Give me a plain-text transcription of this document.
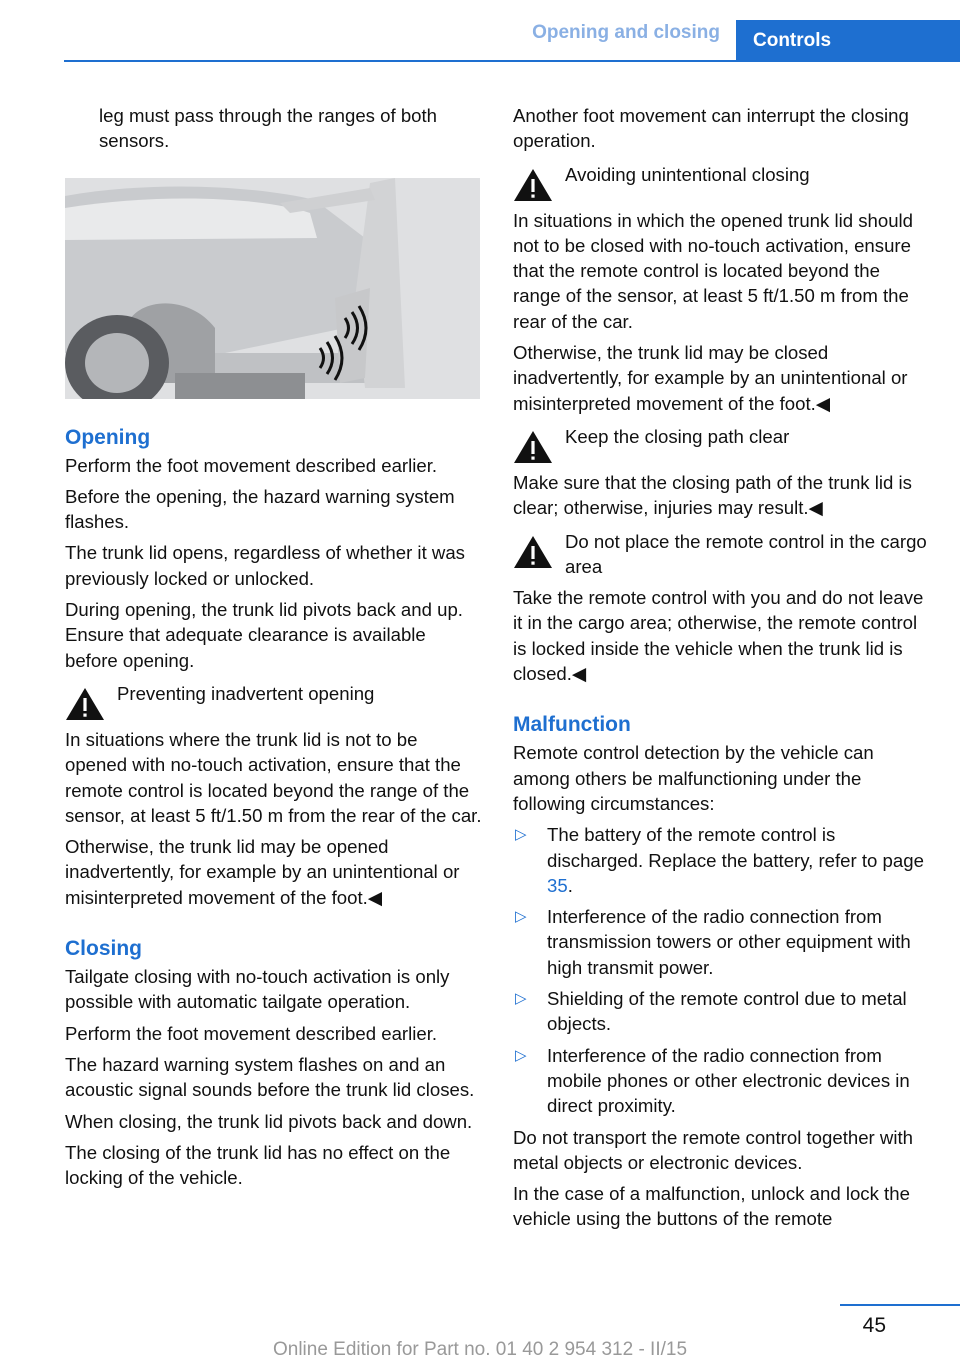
Opening and closing	Controls

leg must pass through the ranges of both sensors.

Opening

Perform the foot movement described earlier.

Before the opening, the hazard warning system flashes.

The trunk lid opens, regardless of whether it was previously locked or unlocked.

During opening, the trunk lid pivots back and up. Ensure that adequate clearance is available before opening.

Preventing inadvertent opening

In situations where the trunk lid is not to be opened with no-touch activation, ensure that the remote control is located beyond the range of the sensor, at least 5 ft/1.50 m from the rear of the car.

Otherwise, the trunk lid may be opened inadvertently, for example by an unintentional or misinterpreted movement of the foot.◀

Closing

Tailgate closing with no-touch activation is only possible with automatic tailgate operation.

Perform the foot movement described earlier.

The hazard warning system flashes on and an acoustic signal sounds before the trunk lid closes.

When closing, the trunk lid pivots back and down.

The closing of the trunk lid has no effect on the locking of the vehicle.

Another foot movement can interrupt the closing operation.

Avoiding unintentional closing

In situations in which the opened trunk lid should not to be closed with no-touch activation, ensure that the remote control is located beyond the range of the sensor, at least 5 ft/1.50 m from the rear of the car.

Otherwise, the trunk lid may be closed inadvertently, for example by an unintentional or misinterpreted movement of the foot.◀

Keep the closing path clear

Make sure that the closing path of the trunk lid is clear; otherwise, injuries may result.◀

Do not place the remote control in the cargo area

Take the remote control with you and do not leave it in the cargo area; otherwise, the remote control is locked inside the vehicle when the trunk lid is closed.◀

Malfunction

Remote control detection by the vehicle can among others be malfunctioning under the following circumstances:

▷ The battery of the remote control is discharged. Replace the battery, refer to page 35.
▷ Interference of the radio connection from transmission towers or other equipment with high transmit power.
▷ Shielding of the remote control due to metal objects.
▷ Interference of the radio connection from mobile phones or other electronic devices in direct proximity.

Do not transport the remote control together with metal objects or electronic devices.

In the case of a malfunction, unlock and lock the vehicle using the buttons of the remote

45
Online Edition for Part no. 01 40 2 954 312 - II/15
